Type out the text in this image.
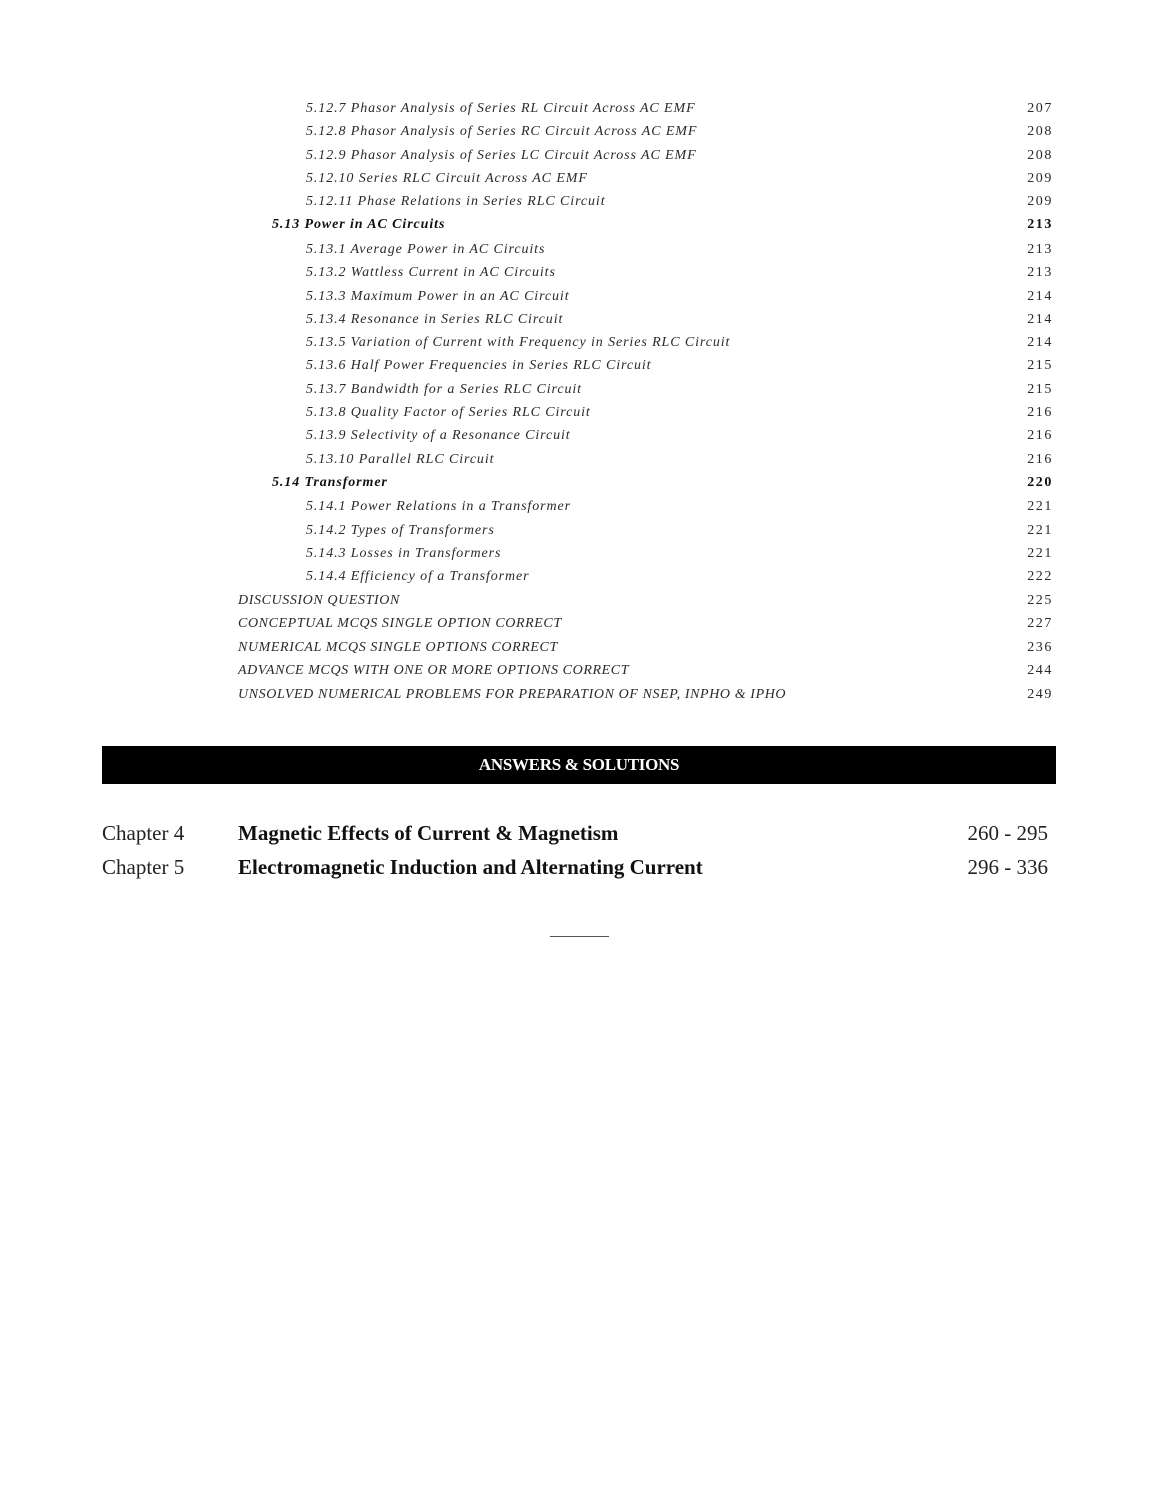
5.12.7 Phasor Analysis of Series RL Circuit Across AC EMF	207
5.12.8 Phasor Analysis of Series RC Circuit Across AC EMF	208
5.12.9 Phasor Analysis of Series LC Circuit Across AC EMF	208
5.12.10 Series RLC Circuit Across AC EMF	209
5.12.11 Phase Relations in Series RLC Circuit	209
5.13 Power in AC Circuits	213
5.13.1 Average Power in AC Circuits	213
5.13.2 Wattless Current in AC Circuits	213
5.13.3 Maximum Power in an AC Circuit	214
5.13.4 Resonance in Series RLC Circuit	214
5.13.5 Variation of Current with Frequency in Series RLC Circuit	214
5.13.6 Half Power Frequencies in Series RLC Circuit	215
5.13.7 Bandwidth for a Series RLC Circuit	215
5.13.8 Quality Factor of Series RLC Circuit	216
5.13.9 Selectivity of a Resonance Circuit	216
5.13.10 Parallel RLC Circuit	216
5.14 Transformer	220
5.14.1 Power Relations in a Transformer	221
5.14.2 Types of Transformers	221
5.14.3 Losses in Transformers	221
5.14.4 Efficiency of a Transformer	222
DISCUSSION QUESTION	225
CONCEPTUAL MCQS SINGLE OPTION CORRECT	227
NUMERICAL MCQS SINGLE OPTIONS CORRECT	236
ADVANCE MCQS WITH ONE OR MORE OPTIONS CORRECT	244
UNSOLVED NUMERICAL PROBLEMS FOR PREPARATION OF NSEP, INPHO & IPHO	249
ANSWERS & SOLUTIONS
Chapter 4	Magnetic Effects of Current & Magnetism	260 - 295
Chapter 5	Electromagnetic Induction and Alternating Current	296 - 336
